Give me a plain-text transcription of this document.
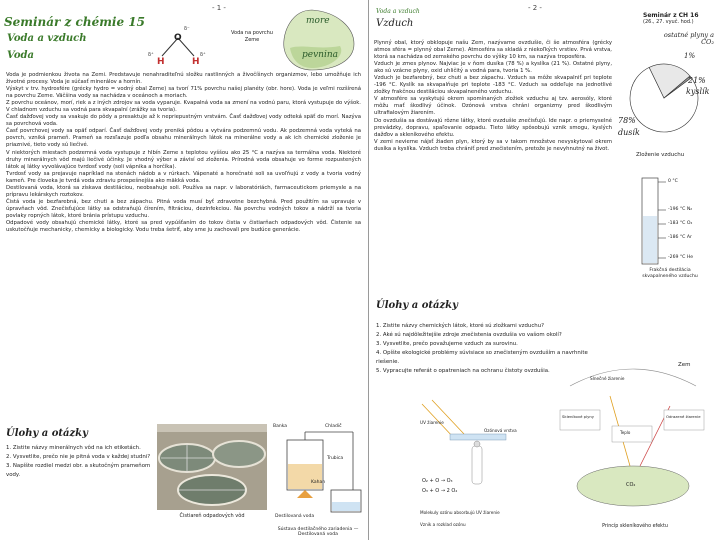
- 1 -
Seminár z chémie 15
Voda a vzduch
Voda
O
H	H
δ⁻
δ⁺	δ⁺
more
pevnina
Voda na povrchu Zeme

Voda je podmienkou života na Zemi. Predstavuje nenahraditeľnú složku rastlinných a živočíšnych organizmov, lebo umožňuje ich životné procesy. Voda je súčasť minerálov a hornín.

Výskyt v trv. hydrosfére (grécky hydro = vodný obal Zeme) sa tvorí 71% povrchu našej planéty (obr. hore). Voda je veľmi rozšírená na povrchu Zeme. Väčšina vody sa nachádza v oceánoch a moriach.

Z povrchu oceánov, morí, riek a z iných zdrojov sa voda vyparuje. Kvapalná voda sa zmení na vodnú paru, ktorá vystupuje do výšok. V chladnom vzduchu sa vodná para skvapalní (zrážky sa tvoria).

Časť dažďovej vody sa vsakuje do pôdy a presaktuje až k nepriepustným vrstvám. Časť dažďovej vody odteká späť do morí. Nazýva sa povrchová voda.

Časť povrchovej vody sa opäť odparí. Časť dažďovej vody preniká pôdou a vytvára podzemnú vodu. Ak podzemná voda vyteká na povrch, vzniká prameň. Prameň sa rozsľazuje podľa obsahu minerálnych látok na minerálne vody a ak ich chemické zloženie je priaznivé, tieto vody sú liečivé.

V niektorých miestach podzemná voda vystupuje z hlbín Zeme s teplotou vyššou ako 25 °C a nazýva sa termálna voda. Niektoré druhy minerálnych vôd majú liečivé účinky. Je vhodný výber a závisí od zloženia. Prírodná voda obsahuje vo forme rozpustených látok aj látky vyvolávajúce tvrdosť vody (soli vápnika a horčíka).

Tvrdosť vody sa prejavuje napríklad na stenách nádob a v rúrkach. Vápenaté a horečnaté soli sa uvoľňujú z vody a tvoria vodný kameň. Pre človeka je tvrdá voda zdraviu prospešnejšia ako mäkká voda.

Destilovaná voda, ktorá sa získava destiláciou, neobsahuje soli. Používa sa napr. v laboratóriách, farmaceutickom priemysle a na prípravu lekárskych roztokov.

Čistá voda je bezfarebná, bez chuti a bez zápachu. Pitná voda musí byť zdravotne bezchybná. Pred použitím sa upravuje v úpravňach vôd. Znečisťujúce látky sa odstraňujú čírením, filtráciou, dezinfekciou. Na povrchu vodných tokov a nádrží sa tvoria povlaky ropných látok, ktoré bránia prístupu vzduchu.

Odpadové vody obsahujú chemické látky, ktoré sa pred vypúšťaním do tokov čistia v čistiarňach odpadových vôd. Čistenie sa uskutočňuje mechanicky, chemicky a biologicky. Vodu treba šetriť, aby sme ju zachovali pre budúce generácie.

Úlohy a otázky
1. Zistite názvy minerálnych vôd na ich etiketách.
2. Vysvetlite, prečo nie je pitná voda v každej studni?
3. Napíšte rozdiel medzi obr. a skutočným prameňom
vody.
Čistiareň odpadových vôd
Banka	Chladič
Trubica
Kahan
Destilovaná voda
Sústava destilačného zariadenia — Destilovaná voda
- 2 -
Voda a vzduch
Vzduch
Seminár z CH 16
(26., 27. vyuč. hod.)
ostatné plyny a CO₂
1%
21%
kyslík
78%
dusík
Zloženie vzduchu

Plynný obal, ktorý obklopuje našu Zem, nazývame ovzdušie, či še atmosféra (grécky atmos sféra = plynný obal Zeme). Atmosféra sa skladá z niekoľkých vrstiev. Prvá vrstva, ktorá sa nachádza od zemského povrchu do výšky 10 km, sa nazýva troposféra.

Vzduch je zmes plynov. Najviac je v ňom dusíka (78 %) a kyslíka (21 %). Ostatné plyny, ako sú vzácne plyny, oxid uhličitý a vodná para, tvoria 1 %.

Vzduch je bezfarebný, bez chuti a bez zápachu. Vzduch sa môže skvapalniť pri teplote -196 °C. Kyslík sa skvapalňuje pri teplote -183 °C. Vzduch sa oddeľuje na jednotlivé zložky frakčnou destiláciou skvapalneného vzduchu.

V atmosfére sa vyskytujú okrem spomínaných zložiek vzduchu aj tzv. aerosóly, ktoré môžu mať škodlivý účinok. Ozónová vrstva chráni organizmy pred škodlivým ultrafialovým žiarením.

Do ovzdušia sa dostávajú rôzne látky, ktoré ovzdušie znečisťujú. Ide napr. o priemyselné prevádzky, dopravu, spaľovanie odpadu. Tieto látky spôsobujú vznik smogu, kyslých dažďov a skleníkového efektu.

V zemi nevieme nájsť žiaden plyn, ktorý by sa v takom množstve nevyskytoval okrem dusíka a kyslíka. Vzduch treba chrániť pred znečistením, pretože je nevyhnutný na život.

0 °C
-196 °C N₂
-183 °C O₂
-186 °C Ar
-269 °C He
Frakčná destilácia skvapalneného vzduchu
Úlohy a otázky
1. Zistite názvy chemických látok, ktoré sú zložkami vzduchu?
2. Aké sú najdôležitejšie zdroje znečistenia ovzdušia vo vašom okolí?
3. Vysvetlite, prečo považujeme vzduch za surovinu.
4. Opíšte ekologické problémy súvisiace so znečisteným ovzduším a navrhnite riešenie.
5. Vypracujte referát o opatreniach na ochranu čistoty ovzdušia.
UV žiarenie
Ozónová vrstva
O₂ + O → O₃
O₃ + O → 2 O₂
Molekuly ozónu absorbujú UV žiarenie
Vznik a rozklad ozónu
Slnečné žiarenie
Zem
Skleníkové plyny	Odrazené žiarenie
Teplo
CO₂
Princíp skleníkového efektu
